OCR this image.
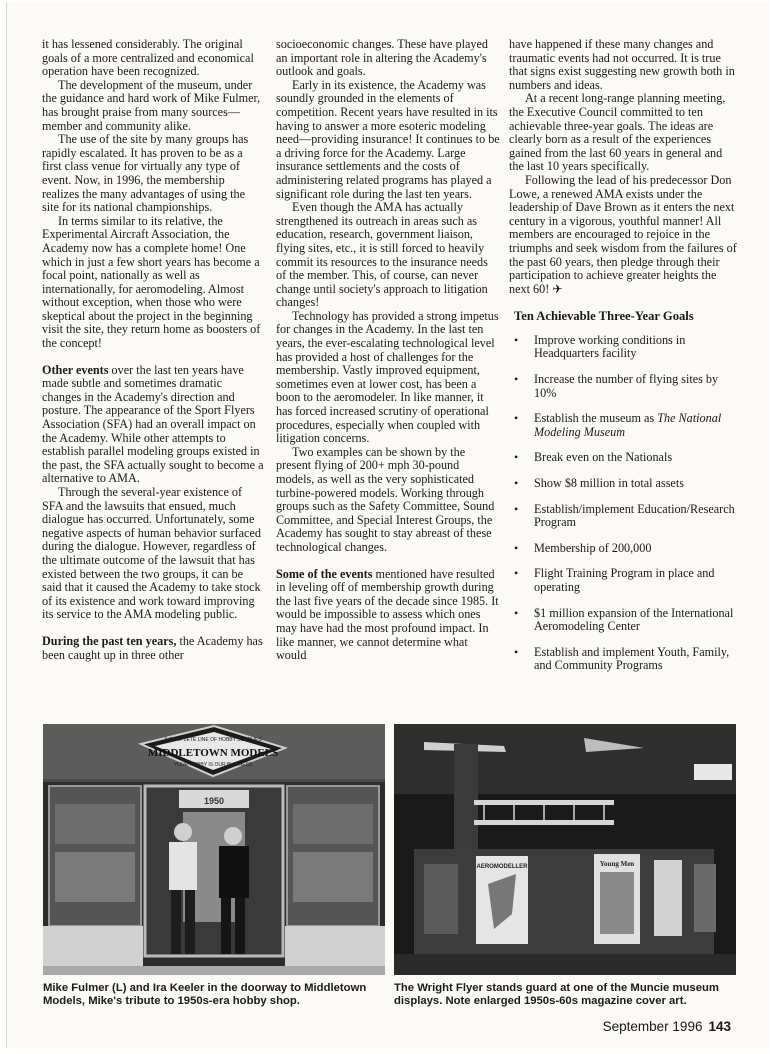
it has lessened considerably. The original goals of a more centralized and economical operation have been recognized.

The development of the museum, under the guidance and hard work of Mike Fulmer, has brought praise from many sources—member and community alike.

The use of the site by many groups has rapidly escalated. It has proven to be as a first class venue for virtually any type of event. Now, in 1996, the membership realizes the many advantages of using the site for its national championships.

In terms similar to its relative, the Experimental Aircraft Association, the Academy now has a complete home! One which in just a few short years has become a focal point, nationally as well as internationally, for aeromodeling. Almost without exception, when those who were skeptical about the project in the beginning visit the site, they return home as boosters of the concept!

Other events over the last ten years have made subtle and sometimes dramatic changes in the Academy's direction and posture. The appearance of the Sport Flyers Association (SFA) had an overall impact on the Academy. While other attempts to establish parallel modeling groups existed in the past, the SFA actually sought to become a alternative to AMA.

Through the several-year existence of SFA and the lawsuits that ensued, much dialogue has occurred. Unfortunately, some negative aspects of human behavior surfaced during the dialogue. However, regardless of the ultimate outcome of the lawsuit that has existed between the two groups, it can be said that it caused the Academy to take stock of its existence and work toward improving its service to the AMA modeling public.

During the past ten years, the Academy has been caught up in three other

socioeconomic changes. These have played an important role in altering the Academy's outlook and goals.

Early in its existence, the Academy was soundly grounded in the elements of competition. Recent years have resulted in its having to answer a more esoteric modeling need—providing insurance! It continues to be a driving force for the Academy. Large insurance settlements and the costs of administering related programs has played a significant role during the last ten years.

Even though the AMA has actually strengthened its outreach in areas such as education, research, government liaison, flying sites, etc., it is still forced to heavily commit its resources to the insurance needs of the member. This, of course, can never change until society's approach to litigation changes!

Technology has provided a strong impetus for changes in the Academy. In the last ten years, the ever-escalating technological level has provided a host of challenges for the membership. Vastly improved equipment, sometimes even at lower cost, has been a boon to the aeromodeler. In like manner, it has forced increased scrutiny of operational procedures, especially when coupled with litigation concerns.

Two examples can be shown by the present flying of 200+ mph 30-pound models, as well as the very sophisticated turbine-powered models. Working through groups such as the Safety Committee, Sound Committee, and Special Interest Groups, the Academy has sought to stay abreast of these technological changes.

Some of the events mentioned have resulted in leveling off of membership growth during the last five years of the decade since 1985. It would be impossible to assess which ones may have had the most profound impact. In like manner, we cannot determine what would

have happened if these many changes and traumatic events had not occurred. It is true that signs exist suggesting new growth both in numbers and ideas.

At a recent long-range planning meeting, the Executive Council committed to ten achievable three-year goals. The ideas are clearly born as a result of the experiences gained from the last 60 years in general and the last 10 years specifically.

Following the lead of his predecessor Don Lowe, a renewed AMA exists under the leadership of Dave Brown as it enters the next century in a vigorous, youthful manner! All members are encouraged to rejoice in the triumphs and seek wisdom from the failures of the past 60 years, then pledge through their participation to achieve greater heights the next 60! ✈

Ten Achievable Three-Year Goals
•	Improve working conditions in Headquarters facility
•	Increase the number of flying sites by 10%
•	Establish the museum as The National Modeling Museum
•	Break even on the Nationals
•	Show $8 million in total assets
•	Establish/implement Education/Research Program
•	Membership of 200,000
•	Flight Training Program in place and operating
•	$1 million expansion of the International Aeromodeling Center
•	Establish and implement Youth, Family, and Community Programs
A COMPLETE LINE OF HOBBY SUPPLIES
MIDDLETOWN MODELS
YOUR HOBBY IS OUR BUSINESS
1950
AEROMODELLER	Young Men
Mike Fulmer (L) and Ira Keeler in the doorway to Middletown Models, Mike's tribute to 1950s-era hobby shop.
The Wright Flyer stands guard at one of the Muncie museum displays. Note enlarged 1950s-60s magazine cover art.
September 1996 143
